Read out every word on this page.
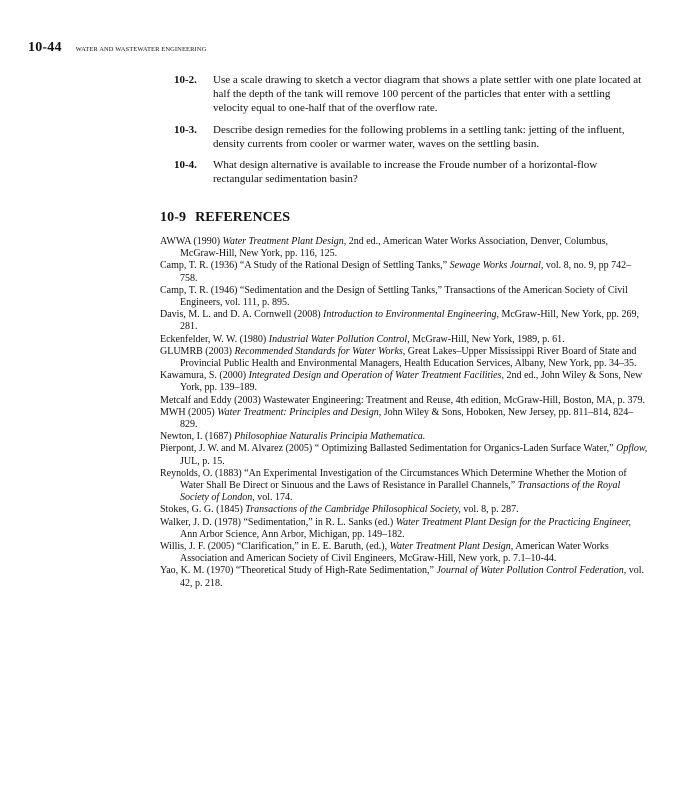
10-44 WATER AND WASTEWATER ENGINEERING
10-2.	Use a scale drawing to sketch a vector diagram that shows a plate settler with one plate located at half the depth of the tank will remove 100 percent of the particles that enter with a settling velocity equal to one-half that of the overflow rate.
10-3.	Describe design remedies for the following problems in a settling tank: jetting of the influent, density currents from cooler or warmer water, waves on the settling basin.
10-4.	What design alternative is available to increase the Froude number of a horizontal-flow rectangular sedimentation basin?
10-9 REFERENCES

AWWA (1990) Water Treatment Plant Design, 2nd ed., American Water Works Association, Denver, Columbus, McGraw-Hill, New York, pp. 116, 125.

Camp, T. R. (1936) “A Study of the Rational Design of Settling Tanks,” Sewage Works Journal, vol. 8, no. 9, pp 742–758.

Camp, T. R. (1946) “Sedimentation and the Design of Settling Tanks,” Transactions of the American Society of Civil Engineers, vol. 111, p. 895.

Davis, M. L. and D. A. Cornwell (2008) Introduction to Environmental Engineering, McGraw-Hill, New York, pp. 269, 281.

Eckenfelder, W. W. (1980) Industrial Water Pollution Control, McGraw-Hill, New York, 1989, p. 61.

GLUMRB (2003) Recommended Standards for Water Works, Great Lakes–Upper Mississippi River Board of State and Provincial Public Health and Environmental Managers, Health Education Services, Albany, New York, pp. 34–35.

Kawamura, S. (2000) Integrated Design and Operation of Water Treatment Facilities, 2nd ed., John Wiley & Sons, New York, pp. 139–189.

Metcalf and Eddy (2003) Wastewater Engineering: Treatment and Reuse, 4th edition, McGraw-Hill, Boston, MA, p. 379.

MWH (2005) Water Treatment: Principles and Design, John Wiley & Sons, Hoboken, New Jersey, pp. 811–814, 824–829.

Newton, I. (1687) Philosophiae Naturalis Principia Mathematica.

Pierpont, J. W. and M. Alvarez (2005) “ Optimizing Ballasted Sedimentation for Organics-Laden Surface Water,” Opflow, JUL, p. 15.

Reynolds, O. (1883) “An Experimental Investigation of the Circumstances Which Determine Whether the Motion of Water Shall Be Direct or Sinuous and the Laws of Resistance in Parallel Channels,” Transactions of the Royal Society of London, vol. 174.

Stokes, G. G. (1845) Transactions of the Cambridge Philosophical Society, vol. 8, p. 287.

Walker, J. D. (1978) “Sedimentation,” in R. L. Sanks (ed.) Water Treatment Plant Design for the Practicing Engineer, Ann Arbor Science, Ann Arbor, Michigan, pp. 149–182.

Willis, J. F. (2005) “Clarification,” in E. E. Baruth, (ed.), Water Treatment Plant Design, American Water Works Association and American Society of Civil Engineers, McGraw-Hill, New york, p. 7.1–10-44.

Yao, K. M. (1970) “Theoretical Study of High-Rate Sedimentation,” Journal of Water Pollution Control Federation, vol. 42, p. 218.
